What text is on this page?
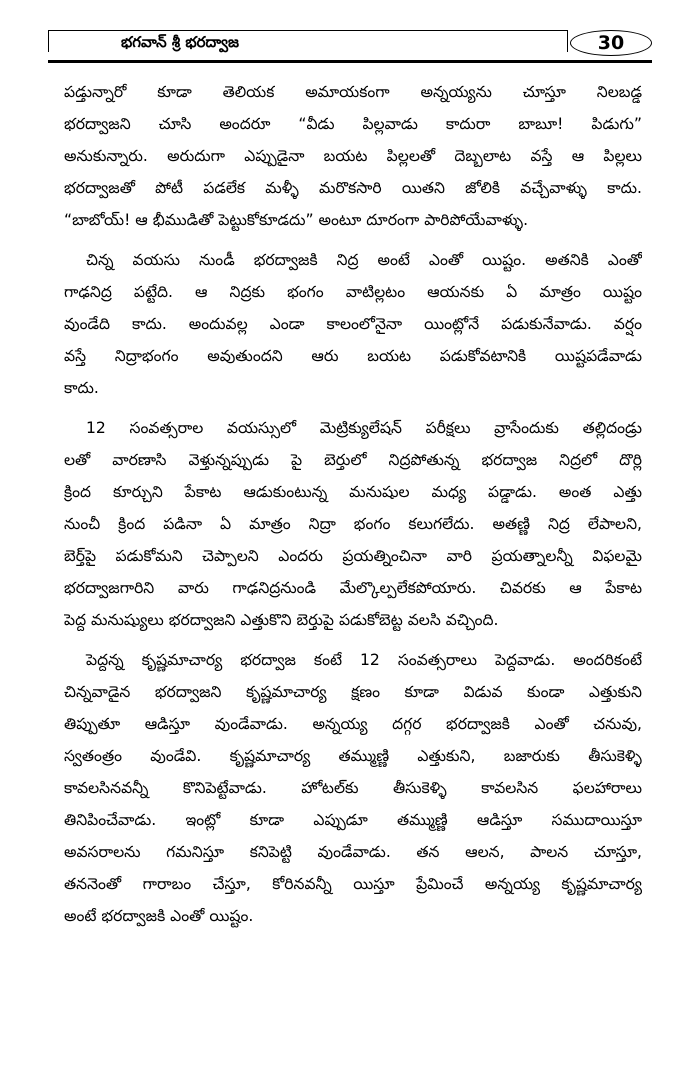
భగవాన్ శ్రీ భరద్వాజ	30
పడ్తున్నారో కూడా తెలియక అమాయకంగా అన్నయ్యను చూస్తూ నిలబడ్డ
భరద్వాజని చూసి అందరూ “వీడు పిల్లవాడు కాదురా బాబూ! పిడుగు”
అనుకున్నారు. అరుదుగా ఎప్పుడైనా బయట పిల్లలతో దెబ్బలాట వస్తే ఆ పిల్లలు
భరద్వాజతో పోటీ పడలేక మళ్ళీ మరొకసారి యితని జోలికి వచ్చేవాళ్ళు కాదు.
“బాబోయ్! ఆ భీముడితో పెట్టుకోకూడదు” అంటూ దూరంగా పారిపోయేవాళ్ళు.
చిన్న వయసు నుండీ భరద్వాజకి నిద్ర అంటే ఎంతో యిష్టం. అతనికి ఎంతో
గాఢనిద్ర పట్టేది. ఆ నిద్రకు భంగం వాటిల్లటం ఆయనకు ఏ మాత్రం యిష్టం
వుండేది కాదు. అందువల్ల ఎండా కాలంలోనైనా యింట్లోనే పడుకునేవాడు. వర్షం
వస్తే నిద్రాభంగం అవుతుందని ఆరు బయట పడుకోవటానికి యిష్టపడేవాడు
కాదు.
12 సంవత్సరాల వయస్సులో మెట్రిక్యులేషన్ పరీక్షలు వ్రాసేందుకు తల్లిదండ్రు
లతో వారణాసి వెళ్తున్నప్పుడు పై బెర్తులో నిద్రపోతున్న భరద్వాజ నిద్రలో దొర్లి
క్రింద కూర్చుని పేకాట ఆడుకుంటున్న మనుషుల మధ్య పడ్డాడు. అంత ఎత్తు
నుంచీ క్రింద పడినా ఏ మాత్రం నిద్రా భంగం కలుగలేదు. అతణ్ణి నిద్ర లేపాలని,
బెర్త్‌పై పడుకోమని చెప్పాలని ఎందరు ప్రయత్నించినా వారి ప్రయత్నాలన్నీ విఫలమై
భరద్వాజగారిని వారు గాఢనిద్రనుండి మేల్కొల్పలేకపోయారు. చివరకు ఆ పేకాట
పెద్ద మనుష్యులు భరద్వాజని ఎత్తుకొని బెర్తుపై పడుకోబెట్ట వలసి వచ్చింది.
పెద్దన్న కృష్ణమాచార్య భరద్వాజ కంటే 12 సంవత్సరాలు పెద్దవాడు. అందరికంటే
చిన్నవాడైన భరద్వాజని కృష్ణమాచార్య క్షణం కూడా విడువ కుండా ఎత్తుకుని
తిప్పుతూ ఆడిస్తూ వుండేవాడు. అన్నయ్య దగ్గర భరద్వాజకి ఎంతో చనువు,
స్వతంత్రం వుండేవి. కృష్ణమాచార్య తమ్ముణ్ణి ఎత్తుకుని, బజారుకు తీసుకెళ్ళి
కావలసినవన్నీ కొనిపెట్టేవాడు. హోటల్‌కు తీసుకెళ్ళి కావలసిన ఫలహారాలు
తినిపించేవాడు. ఇంట్లో కూడా ఎప్పుడూ తమ్ముణ్ణి ఆడిస్తూ సముదాయిస్తూ
అవసరాలను గమనిస్తూ కనిపెట్టి వుండేవాడు. తన ఆలన, పాలన చూస్తూ,
తననెంతో గారాబం చేస్తూ, కోరినవన్నీ యిస్తూ ప్రేమించే అన్నయ్య కృష్ణమాచార్య
అంటే భరద్వాజకి ఎంతో యిష్టం.
